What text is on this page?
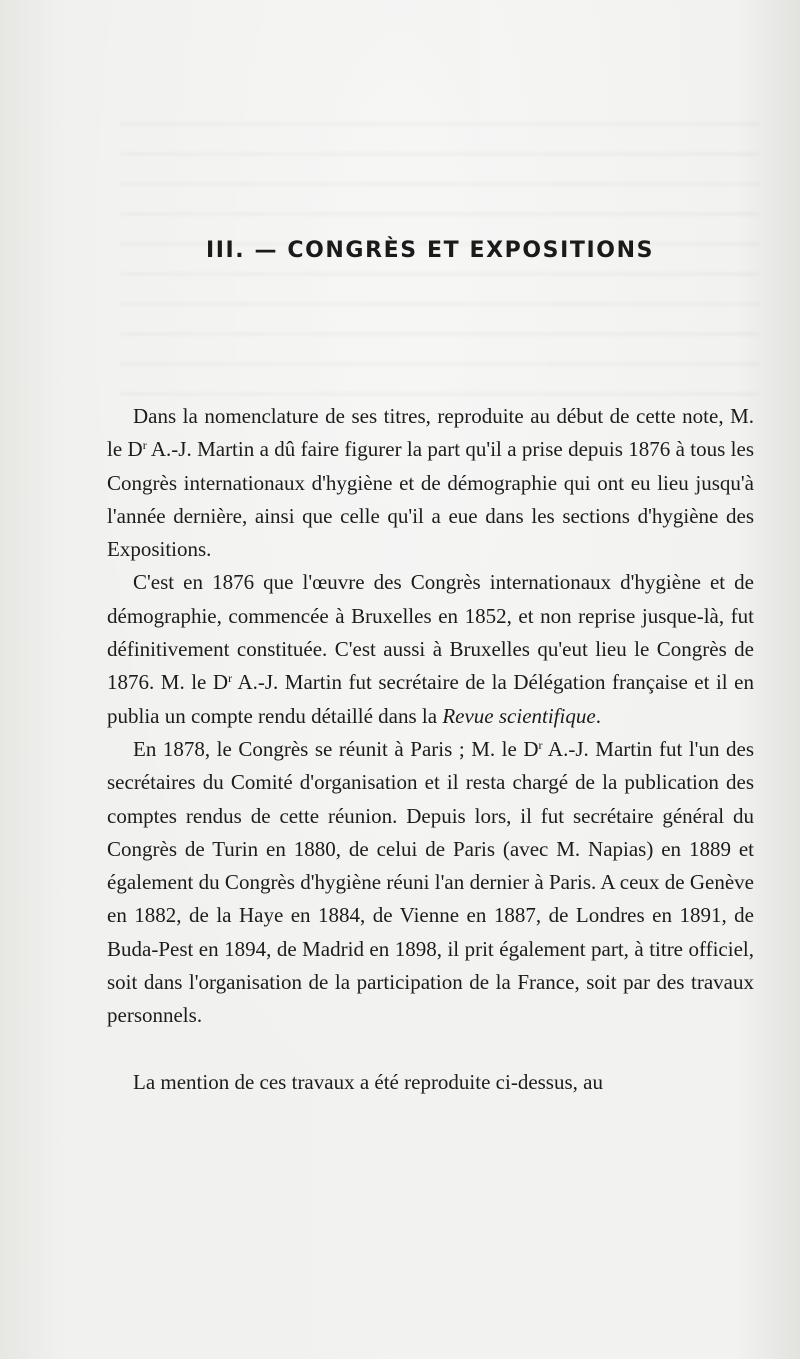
III. — CONGRÈS ET EXPOSITIONS

Dans la nomenclature de ses titres, reproduite au début de cette note, M. le $D^r$ A.-J. Martin a dû faire figurer la part qu'il a prise depuis 1876 à tous les Congrès internationaux d'hygiène et de démographie qui ont eu lieu jusqu'à l'année dernière, ainsi que celle qu'il a eue dans les sections d'hygiène des Expositions.

C'est en 1876 que l'œuvre des Congrès internationaux d'hygiène et de démographie, commencée à Bruxelles en 1852, et non reprise jusque-là, fut définitivement constituée. C'est aussi à Bruxelles qu'eut lieu le Congrès de 1876. M. le $D^r$ A.-J. Martin fut secrétaire de la Délégation française et il en publia un compte rendu détaillé dans la Revue scientifique.

En 1878, le Congrès se réunit à Paris ; M. le $D^r$ A.-J. Martin fut l'un des secrétaires du Comité d'organisation et il resta chargé de la publication des comptes rendus de cette réunion. Depuis lors, il fut secrétaire général du Congrès de Turin en 1880, de celui de Paris (avec M. Napias) en 1889 et également du Congrès d'hygiène réuni l'an dernier à Paris. A ceux de Genève en 1882, de la Haye en 1884, de Vienne en 1887, de Londres en 1891, de Buda-Pest en 1894, de Madrid en 1898, il prit également part, à titre officiel, soit dans l'organisation de la participation de la France, soit par des travaux personnels.

La mention de ces travaux a été reproduite ci-dessus, au
